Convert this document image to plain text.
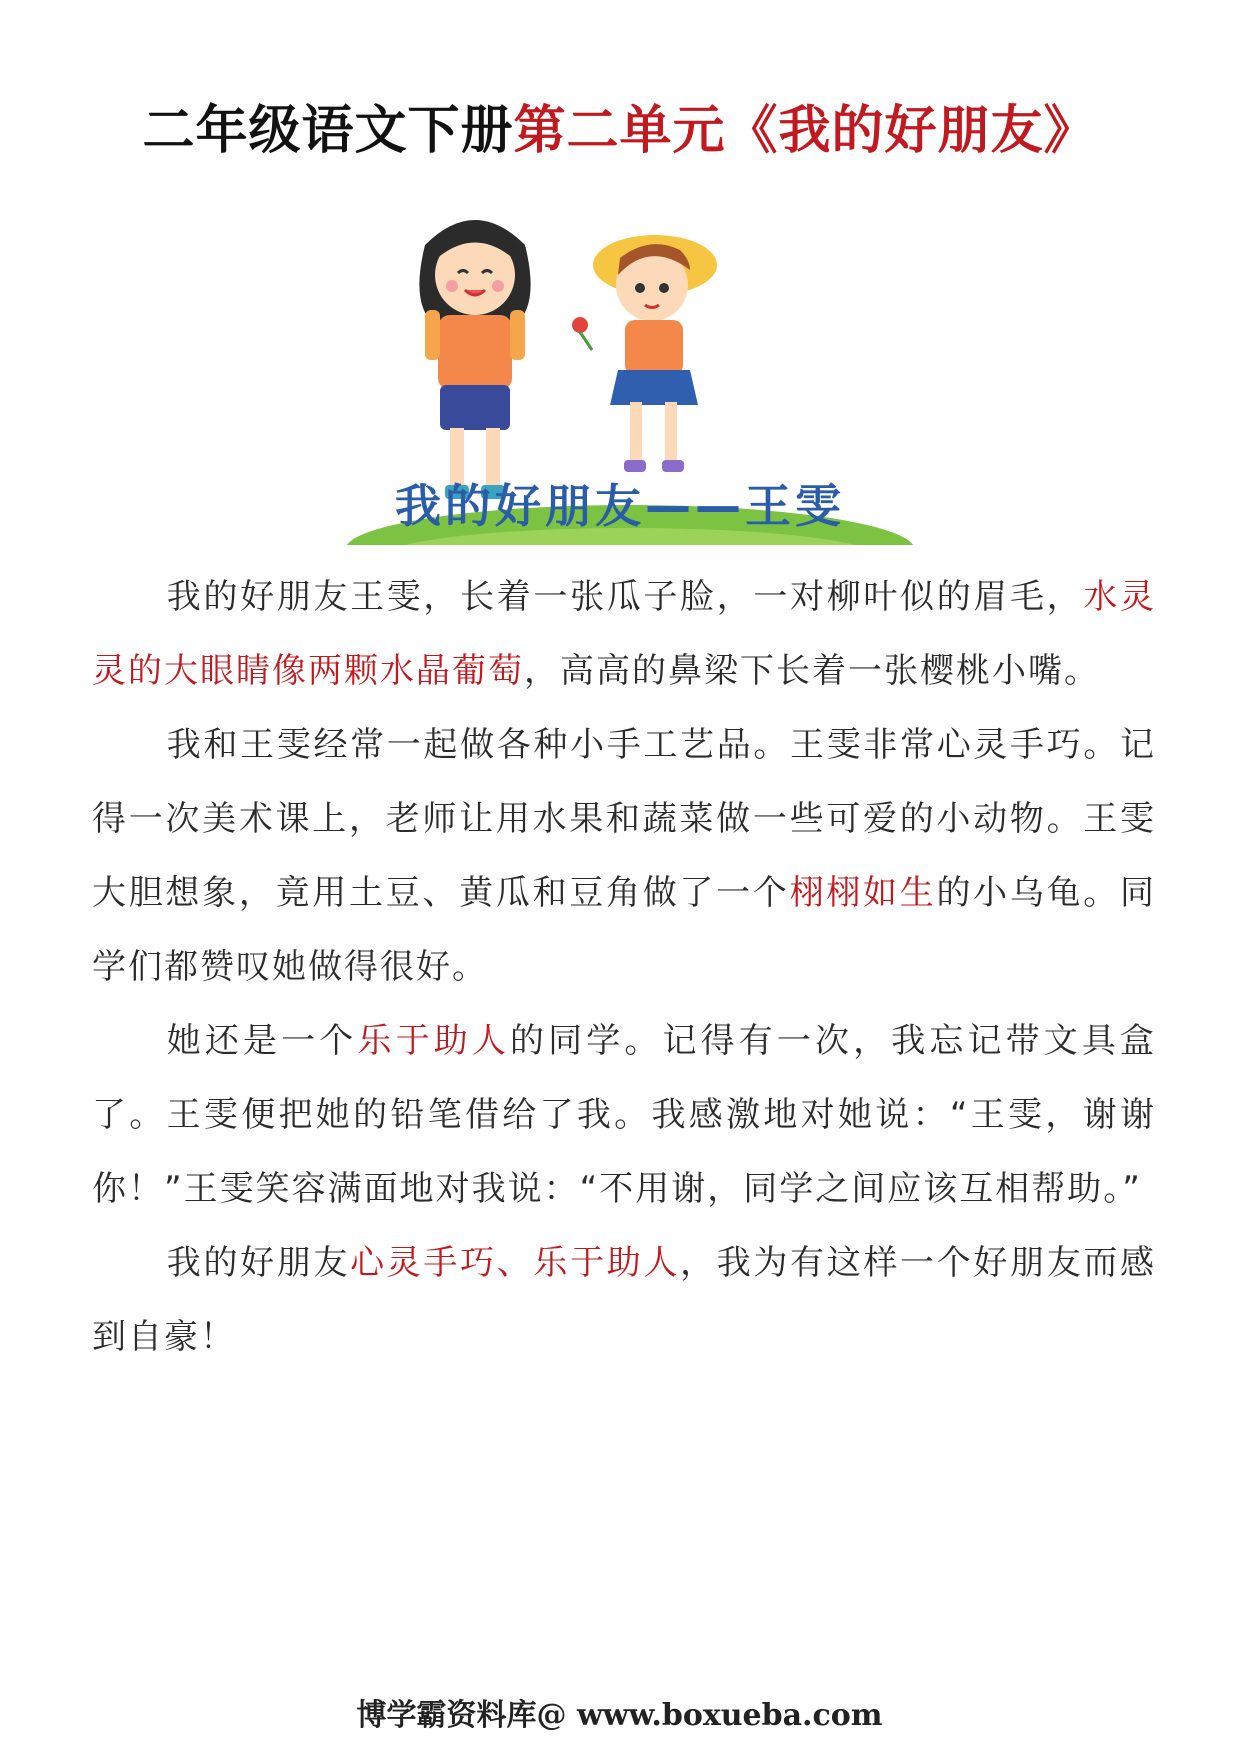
二年级语文下册第二单元《我的好朋友》
我的好朋友——王雯

我的好朋友王雯，长着一张瓜子脸，一对柳叶似的眉毛，水灵灵的大眼睛像两颗水晶葡萄，高高的鼻梁下长着一张樱桃小嘴。

我和王雯经常一起做各种小手工艺品。王雯非常心灵手巧。记得一次美术课上，老师让用水果和蔬菜做一些可爱的小动物。王雯大胆想象，竟用土豆、黄瓜和豆角做了一个栩栩如生的小乌龟。同学们都赞叹她做得很好。

她还是一个乐于助人的同学。记得有一次，我忘记带文具盒了。王雯便把她的铅笔借给了我。我感激地对她说：“王雯，谢谢你！”王雯笑容满面地对我说：“不用谢，同学之间应该互相帮助。”

我的好朋友心灵手巧、乐于助人，我为有这样一个好朋友而感到自豪！

博学霸资料库@ www.boxueba.com
